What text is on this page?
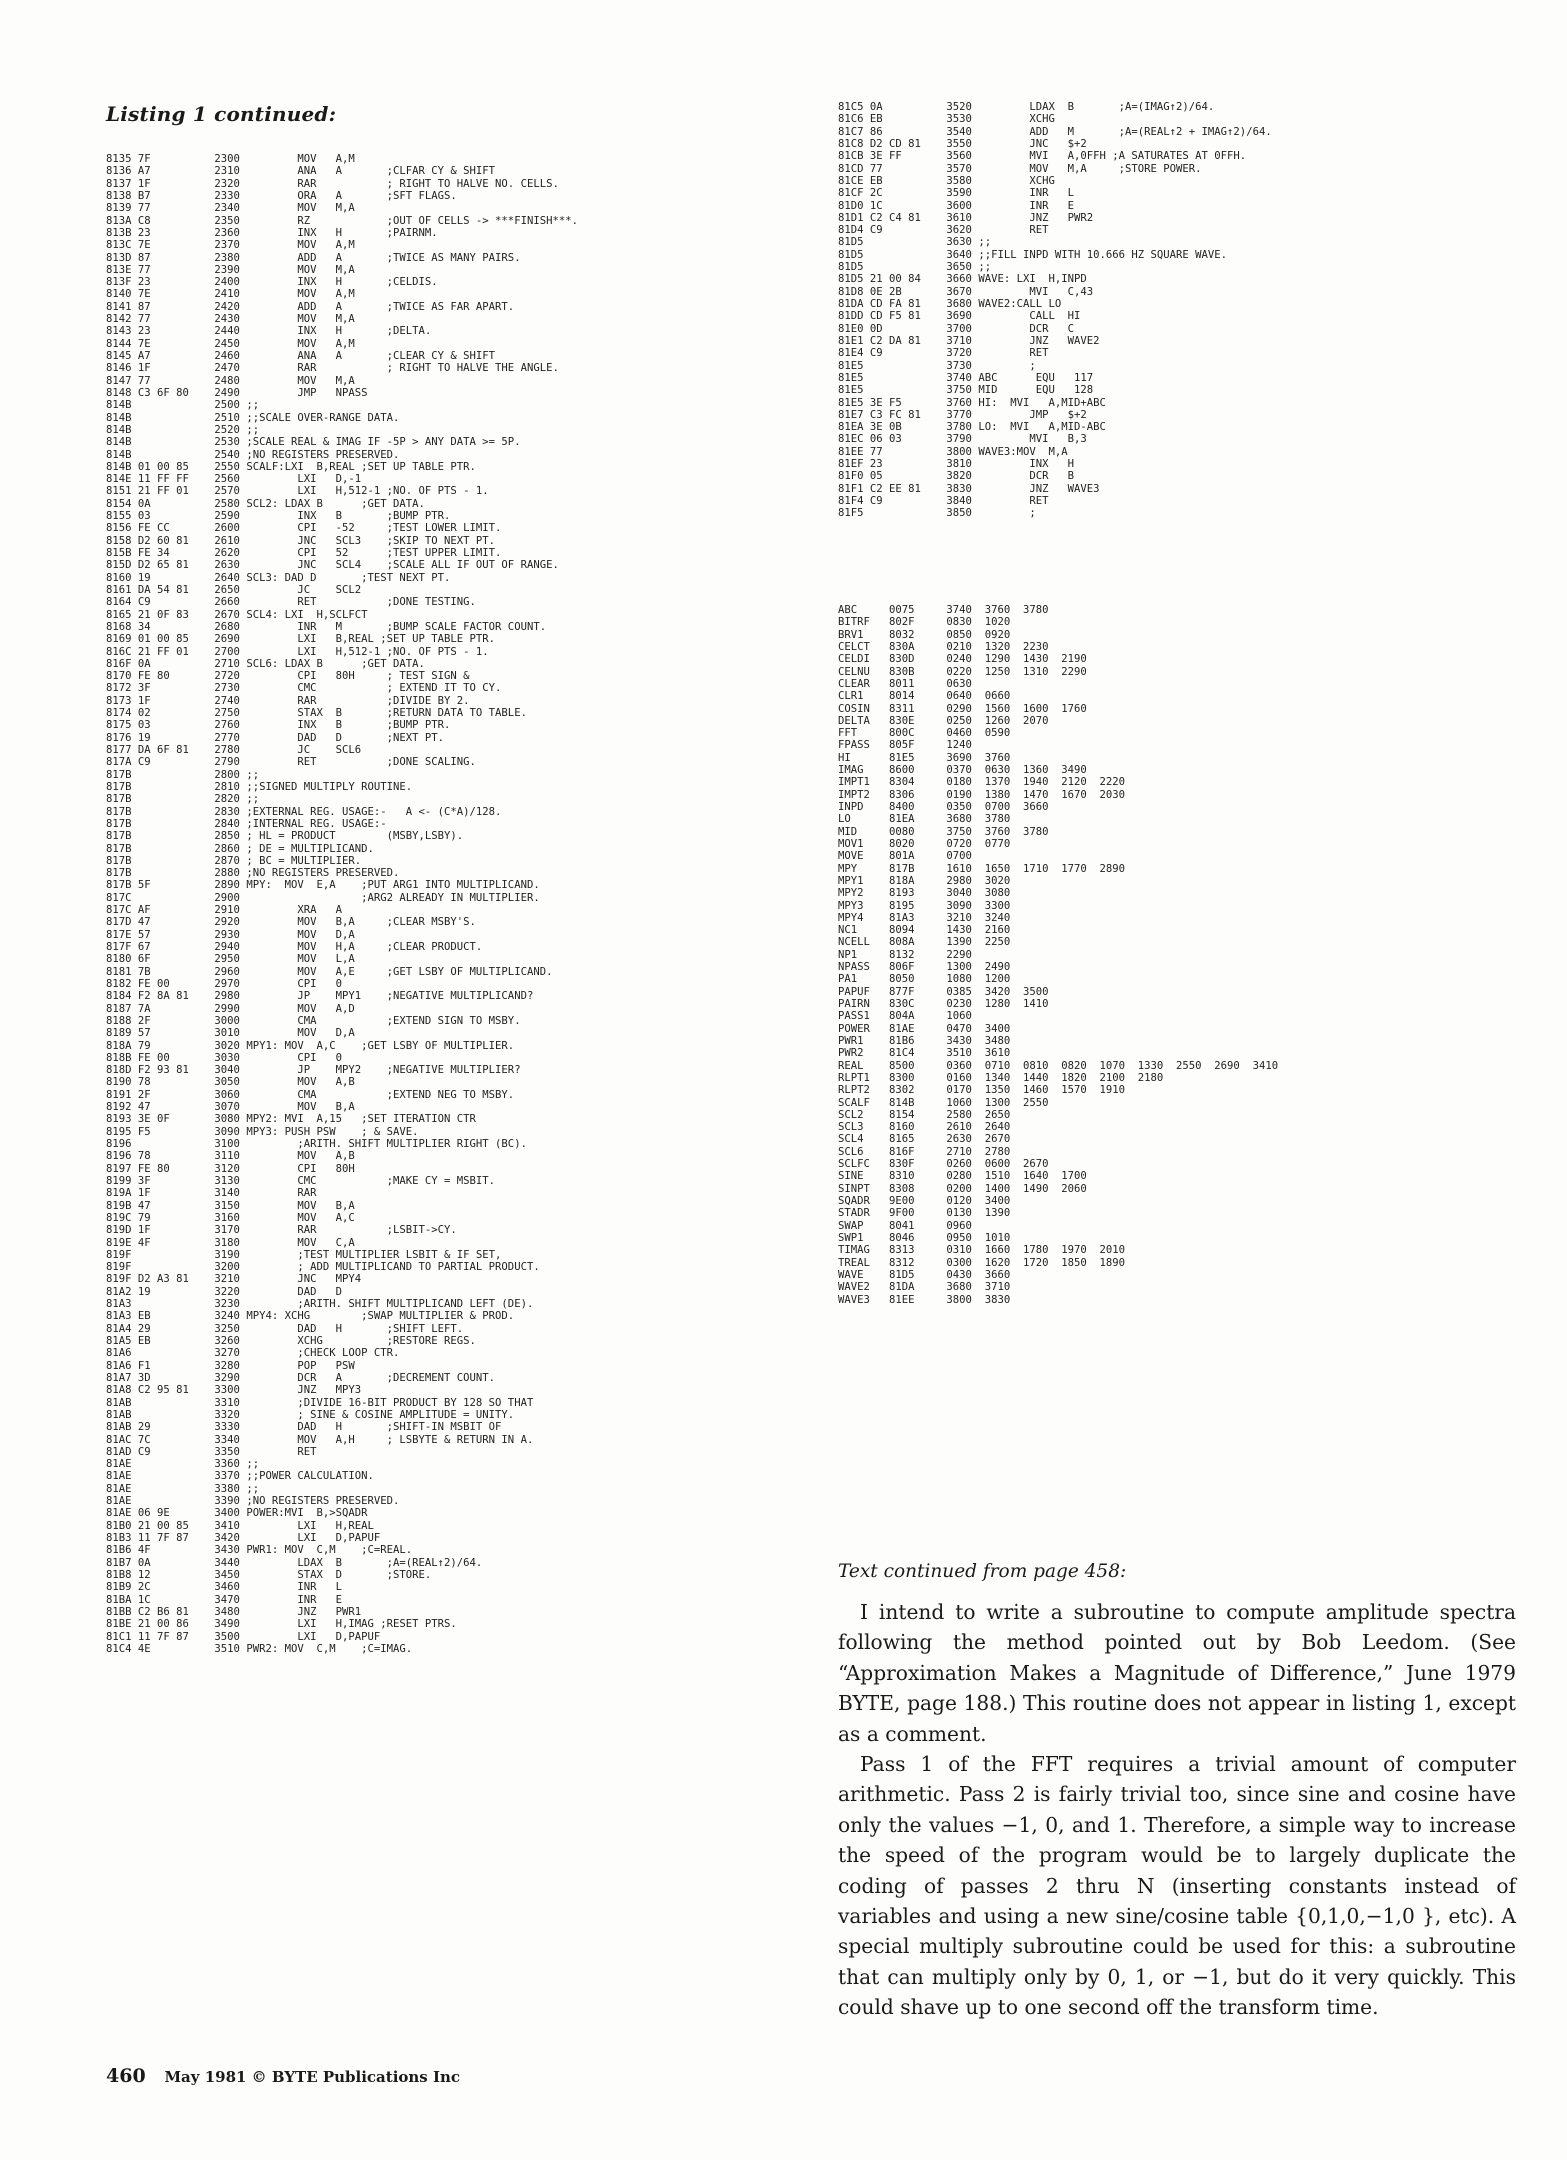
Listing 1 continued:
8135 7F          2300         MOV   A,M
8136 A7          2310         ANA   A       ;CLFAR CY & SHIFT
8137 1F          2320         RAR           ; RIGHT TO HALVE NO. CELLS.
8138 B7          2330         ORA   A       ;SFT FLAGS.
8139 77          2340         MOV   M,A
813A C8          2350         RZ            ;OUT OF CELLS -> ***FINISH***.
813B 23          2360         INX   H       ;PAIRNM.
813C 7E          2370         MOV   A,M
813D 87          2380         ADD   A       ;TWICE AS MANY PAIRS.
813E 77          2390         MOV   M,A
813F 23          2400         INX   H       ;CELDIS.
8140 7E          2410         MOV   A,M
8141 87          2420         ADD   A       ;TWICE AS FAR APART.
8142 77          2430         MOV   M,A
8143 23          2440         INX   H       ;DELTA.
8144 7E          2450         MOV   A,M
8145 A7          2460         ANA   A       ;CLEAR CY & SHIFT
8146 1F          2470         RAR           ; RIGHT TO HALVE THE ANGLE.
8147 77          2480         MOV   M,A
8148 C3 6F 80    2490         JMP   NPASS
814B             2500 ;;
814B             2510 ;;SCALE OVER-RANGE DATA.
814B             2520 ;;
814B             2530 ;SCALE REAL & IMAG IF -5P > ANY DATA >= 5P.
814B             2540 ;NO REGISTERS PRESERVED.
814B 01 00 85    2550 SCALF:LXI  B,REAL ;SET UP TABLE PTR.
814E 11 FF FF    2560         LXI   D,-1
8151 21 FF 01    2570         LXI   H,512-1 ;NO. OF PTS - 1.
8154 0A          2580 SCL2: LDAX B      ;GET DATA.
8155 03          2590         INX   B       ;BUMP PTR.
8156 FE CC       2600         CPI   -52     ;TEST LOWER LIMIT.
8158 D2 60 81    2610         JNC   SCL3    ;SKIP TO NEXT PT.
815B FE 34       2620         CPI   52      ;TEST UPPER LIMIT.
815D D2 65 81    2630         JNC   SCL4    ;SCALE ALL IF OUT OF RANGE.
8160 19          2640 SCL3: DAD D       ;TEST NEXT PT.
8161 DA 54 81    2650         JC    SCL2
8164 C9          2660         RET           ;DONE TESTING.
8165 21 0F 83    2670 SCL4: LXI  H,SCLFCT
8168 34          2680         INR   M       ;BUMP SCALE FACTOR COUNT.
8169 01 00 85    2690         LXI   B,REAL ;SET UP TABLE PTR.
816C 21 FF 01    2700         LXI   H,512-1 ;NO. OF PTS - 1.
816F 0A          2710 SCL6: LDAX B      ;GET DATA.
8170 FE 80       2720         CPI   80H     ; TEST SIGN &
8172 3F          2730         CMC           ; EXTEND IT TO CY.
8173 1F          2740         RAR           ;DIVIDE BY 2.
8174 02          2750         STAX  B       ;RETURN DATA TO TABLE.
8175 03          2760         INX   B       ;BUMP PTR.
8176 19          2770         DAD   D       ;NEXT PT.
8177 DA 6F 81    2780         JC    SCL6
817A C9          2790         RET           ;DONE SCALING.
817B             2800 ;;
817B             2810 ;;SIGNED MULTIPLY ROUTINE.
817B             2820 ;;
817B             2830 ;EXTERNAL REG. USAGE:-   A <- (C*A)/128.
817B             2840 ;INTERNAL REG. USAGE:-
817B             2850 ; HL = PRODUCT        (MSBY,LSBY).
817B             2860 ; DE = MULTIPLICAND.
817B             2870 ; BC = MULTIPLIER.
817B             2880 ;NO REGISTERS PRESERVED.
817B 5F          2890 MPY:  MOV  E,A    ;PUT ARG1 INTO MULTIPLICAND.
817C             2900                   ;ARG2 ALREADY IN MULTIPLIER.
817C AF          2910         XRA   A
817D 47          2920         MOV   B,A     ;CLEAR MSBY'S.
817E 57          2930         MOV   D,A
817F 67          2940         MOV   H,A     ;CLEAR PRODUCT.
8180 6F          2950         MOV   L,A
8181 7B          2960         MOV   A,E     ;GET LSBY OF MULTIPLICAND.
8182 FE 00       2970         CPI   0
8184 F2 8A 81    2980         JP    MPY1    ;NEGATIVE MULTIPLICAND?
8187 7A          2990         MOV   A,D
8188 2F          3000         CMA           ;EXTEND SIGN TO MSBY.
8189 57          3010         MOV   D,A
818A 79          3020 MPY1: MOV  A,C    ;GET LSBY OF MULTIPLIER.
818B FE 00       3030         CPI   0
818D F2 93 81    3040         JP    MPY2    ;NEGATIVE MULTIPLIER?
8190 78          3050         MOV   A,B
8191 2F          3060         CMA           ;EXTEND NEG TO MSBY.
8192 47          3070         MOV   B,A
8193 3E 0F       3080 MPY2: MVI  A,15   ;SET ITERATION CTR
8195 F5          3090 MPY3: PUSH PSW    ; & SAVE.
8196             3100         ;ARITH. SHIFT MULTIPLIER RIGHT (BC).
8196 78          3110         MOV   A,B
8197 FE 80       3120         CPI   80H
8199 3F          3130         CMC           ;MAKE CY = MSBIT.
819A 1F          3140         RAR
819B 47          3150         MOV   B,A
819C 79          3160         MOV   A,C
819D 1F          3170         RAR           ;LSBIT->CY.
819E 4F          3180         MOV   C,A
819F             3190         ;TEST MULTIPLIER LSBIT & IF SET,
819F             3200         ; ADD MULTIPLICAND TO PARTIAL PRODUCT.
819F D2 A3 81    3210         JNC   MPY4
81A2 19          3220         DAD   D
81A3             3230         ;ARITH. SHIFT MULTIPLICAND LEFT (DE).
81A3 EB          3240 MPY4: XCHG        ;SWAP MULTIPLIER & PROD.
81A4 29          3250         DAD   H       ;SHIFT LEFT.
81A5 EB          3260         XCHG          ;RESTORE REGS.
81A6             3270         ;CHECK LOOP CTR.
81A6 F1          3280         POP   PSW
81A7 3D          3290         DCR   A       ;DECREMENT COUNT.
81A8 C2 95 81    3300         JNZ   MPY3
81AB             3310         ;DIVIDE 16-BIT PRODUCT BY 128 SO THAT
81AB             3320         ; SINE & COSINE AMPLITUDE = UNITY.
81AB 29          3330         DAD   H       ;SHIFT-IN MSBIT OF
81AC 7C          3340         MOV   A,H     ; LSBYTE & RETURN IN A.
81AD C9          3350         RET
81AE             3360 ;;
81AE             3370 ;;POWER CALCULATION.
81AE             3380 ;;
81AE             3390 ;NO REGISTERS PRESERVED.
81AE 06 9E       3400 POWER:MVI  B,>SQADR
81B0 21 00 85    3410         LXI   H,REAL
81B3 11 7F 87    3420         LXI   D,PAPUF
81B6 4F          3430 PWR1: MOV  C,M    ;C=REAL.
81B7 0A          3440         LDAX  B       ;A=(REAL↑2)/64.
81B8 12          3450         STAX  D       ;STORE.
81B9 2C          3460         INR   L
81BA 1C          3470         INR   E
81BB C2 B6 81    3480         JNZ   PWR1
81BE 21 00 86    3490         LXI   H,IMAG ;RESET PTRS.
81C1 11 7F 87    3500         LXI   D,PAPUF
81C4 4E          3510 PWR2: MOV  C,M    ;C=IMAG.
81C5 0A          3520         LDAX  B       ;A=(IMAG↑2)/64.
81C6 EB          3530         XCHG
81C7 86          3540         ADD   M       ;A=(REAL↑2 + IMAG↑2)/64.
81C8 D2 CD 81    3550         JNC   $+2
81CB 3E FF       3560         MVI   A,0FFH ;A SATURATES AT 0FFH.
81CD 77          3570         MOV   M,A     ;STORE POWER.
81CE EB          3580         XCHG
81CF 2C          3590         INR   L
81D0 1C          3600         INR   E
81D1 C2 C4 81    3610         JNZ   PWR2
81D4 C9          3620         RET
81D5             3630 ;;
81D5             3640 ;;FILL INPD WITH 10.666 HZ SQUARE WAVE.
81D5             3650 ;;
81D5 21 00 84    3660 WAVE: LXI  H,INPD
81D8 0E 2B       3670         MVI   C,43
81DA CD FA 81    3680 WAVE2:CALL LO
81DD CD F5 81    3690         CALL  HI
81E0 0D          3700         DCR   C
81E1 C2 DA 81    3710         JNZ   WAVE2
81E4 C9          3720         RET
81E5             3730         ;
81E5             3740 ABC      EQU   117
81E5             3750 MID      EQU   128
81E5 3E F5       3760 HI:  MVI   A,MID+ABC
81E7 C3 FC 81    3770         JMP   $+2
81EA 3E 0B       3780 LO:  MVI   A,MID-ABC
81EC 06 03       3790         MVI   B,3
81EE 77          3800 WAVE3:MOV  M,A
81EF 23          3810         INX   H
81F0 05          3820         DCR   B
81F1 C2 EE 81    3830         JNZ   WAVE3
81F4 C9          3840         RET
81F5             3850         ;
ABC     0075     3740  3760  3780
BITRF   802F     0830  1020
BRV1    8032     0850  0920
CELCT   830A     0210  1320  2230
CELDI   830D     0240  1290  1430  2190
CELNU   830B     0220  1250  1310  2290
CLEAR   8011     0630
CLR1    8014     0640  0660
COSIN   8311     0290  1560  1600  1760
DELTA   830E     0250  1260  2070
FFT     800C     0460  0590
FPASS   805F     1240
HI      81E5     3690  3760
IMAG    8600     0370  0630  1360  3490
IMPT1   8304     0180  1370  1940  2120  2220
IMPT2   8306     0190  1380  1470  1670  2030
INPD    8400     0350  0700  3660
LO      81EA     3680  3780
MID     0080     3750  3760  3780
MOV1    8020     0720  0770
MOVE    801A     0700
MPY     817B     1610  1650  1710  1770  2890
MPY1    818A     2980  3020
MPY2    8193     3040  3080
MPY3    8195     3090  3300
MPY4    81A3     3210  3240
NC1     8094     1430  2160
NCELL   808A     1390  2250
NP1     8132     2290
NPASS   806F     1300  2490
PA1     8050     1080  1200
PAPUF   877F     0385  3420  3500
PAIRN   830C     0230  1280  1410
PASS1   804A     1060
POWER   81AE     0470  3400
PWR1    81B6     3430  3480
PWR2    81C4     3510  3610
REAL    8500     0360  0710  0810  0820  1070  1330  2550  2690  3410
RLPT1   8300     0160  1340  1440  1820  2100  2180
RLPT2   8302     0170  1350  1460  1570  1910
SCALF   814B     1060  1300  2550
SCL2    8154     2580  2650
SCL3    8160     2610  2640
SCL4    8165     2630  2670
SCL6    816F     2710  2780
SCLFC   830F     0260  0600  2670
SINE    8310     0280  1510  1640  1700
SINPT   8308     0200  1400  1490  2060
SQADR   9E00     0120  3400
STADR   9F00     0130  1390
SWAP    8041     0960
SWP1    8046     0950  1010
TIMAG   8313     0310  1660  1780  1970  2010
TREAL   8312     0300  1620  1720  1850  1890
WAVE    81D5     0430  3660
WAVE2   81DA     3680  3710
WAVE3   81EE     3800  3830
Text continued from page 458:

I intend to write a subroutine to compute amplitude spectra following the method pointed out by Bob Leedom. (See “Approximation Makes a Magnitude of Difference,” June 1979 BYTE, page 188.) This routine does not appear in listing 1, except as a comment.

Pass 1 of the FFT requires a trivial amount of computer arithmetic. Pass 2 is fairly trivial too, since sine and cosine have only the values −1, 0, and 1. Therefore, a simple way to increase the speed of the program would be to largely duplicate the coding of passes 2 thru N (inserting constants instead of variables and using a new sine/cosine table {0,1,0,−1,0 }, etc). A special multiply subroutine could be used for this: a subroutine that can multiply only by 0, 1, or −1, but do it very quickly. This could shave up to one second off the transform time.

460 May 1981 © BYTE Publications Inc
